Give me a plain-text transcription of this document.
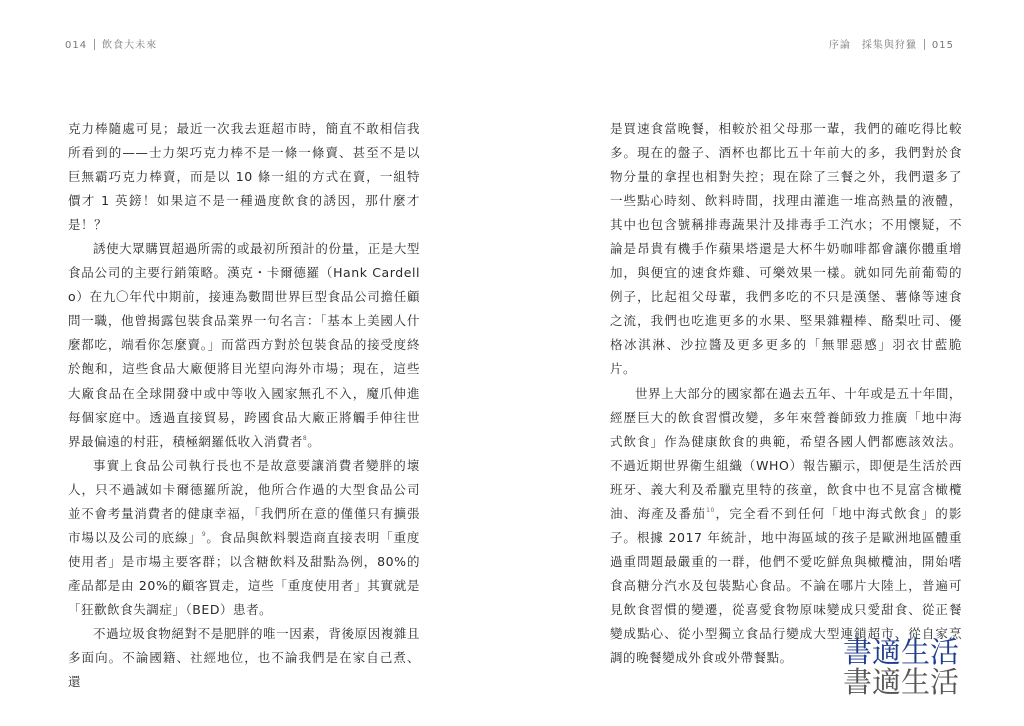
014 飲食大未來	序論　採集與狩獵 015

克力棒隨處可見；最近一次我去逛超市時，簡直不敢相信我所看到的——士力架巧克力棒不是一條一條賣、甚至不是以巨無霸巧克力棒賣，而是以 10 條一組的方式在賣，一組特價才 1 英鎊！如果這不是一種過度飲食的誘因，那什麼才是！？

誘使大眾購買超過所需的或最初所預計的份量，正是大型食品公司的主要行銷策略。漢克・卡爾德羅（Hank Cardello）在九〇年代中期前，接連為數間世界巨型食品公司擔任顧問一職，他曾揭露包裝食品業界一句名言：「基本上美國人什麼都吃，端看你怎麼賣。」而當西方對於包裝食品的接受度終於飽和，這些食品大廠便將目光望向海外市場；現在，這些大廠食品在全球開發中或中等收入國家無孔不入，魔爪伸進每個家庭中。透過直接貿易，跨國食品大廠正將觸手伸往世界最偏遠的村莊，積極網羅低收入消費者$^8$。

事實上食品公司執行長也不是故意要讓消費者變胖的壞人，只不過誠如卡爾德羅所說，他所合作過的大型食品公司並不會考量消費者的健康幸福，「我們所在意的僅僅只有擴張市場以及公司的底線」$^9$。食品與飲料製造商直接表明「重度使用者」是市場主要客群；以含糖飲料及甜點為例，80%的產品都是由 20%的顧客買走，這些「重度使用者」其實就是「狂歡飲食失調症」（BED）患者。

不過垃圾食物絕對不是肥胖的唯一因素，背後原因複雜且多面向。不論國籍、社經地位，也不論我們是在家自己煮、還

是買速食當晚餐，相較於祖父母那一輩，我們的確吃得比較多。現在的盤子、酒杯也都比五十年前大的多，我們對於食物分量的拿捏也相對失控；現在除了三餐之外，我們還多了一些點心時刻、飲料時間，找理由灌進一堆高熱量的液體，其中也包含號稱排毒蔬果汁及排毒手工汽水；不用懷疑，不論是昂貴有機手作蘋果塔還是大杯牛奶咖啡都會讓你體重增加，與便宜的速食炸雞、可樂效果一樣。就如同先前葡萄的例子，比起祖父母輩，我們多吃的不只是漢堡、薯條等速食之流，我們也吃進更多的水果、堅果雜糧棒、酪梨吐司、優格冰淇淋、沙拉醬及更多更多的「無罪惡感」羽衣甘藍脆片。

世界上大部分的國家都在過去五年、十年或是五十年間，經歷巨大的飲食習慣改變，多年來營養師致力推廣「地中海式飲食」作為健康飲食的典範，希望各國人們都應該效法。不過近期世界衛生組織（WHO）報告顯示，即便是生活於西班牙、義大利及希臘克里特的孩童，飲食中也不見富含橄欖油、海產及番茄$^{10}$，完全看不到任何「地中海式飲食」的影子。根據 2017 年統計，地中海區域的孩子是歐洲地區體重過重問題最嚴重的一群，他們不愛吃鮮魚與橄欖油，開始嗜食高糖分汽水及包裝點心食品。不論在哪片大陸上，普遍可見飲食習慣的變遷，從喜愛食物原味變成只愛甜食、從正餐變成點心、從小型獨立食品行變成大型連鎖超市、從自家烹調的晚餐變成外食或外帶餐點。	書適生活
書適生活
